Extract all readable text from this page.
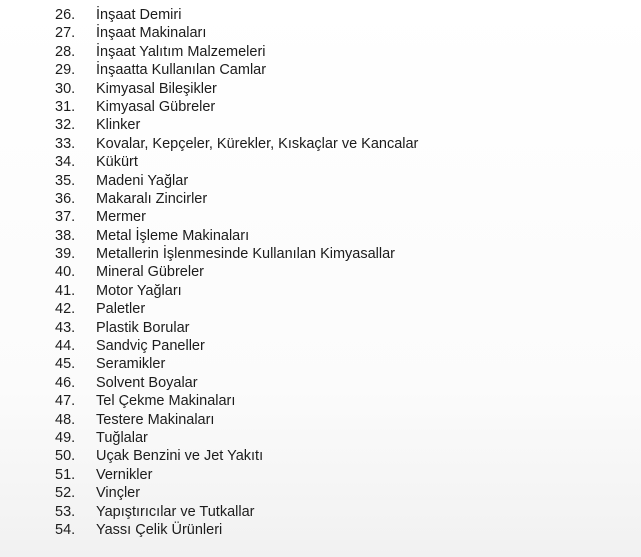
26.	İnşaat Demiri
27.	İnşaat Makinaları
28.	İnşaat Yalıtım Malzemeleri
29.	İnşaatta Kullanılan Camlar
30.	Kimyasal Bileşikler
31.	Kimyasal Gübreler
32.	Klinker
33.	Kovalar, Kepçeler, Kürekler, Kıskaçlar ve Kancalar
34.	Kükürt
35.	Madeni Yağlar
36.	Makaralı Zincirler
37.	Mermer
38.	Metal İşleme Makinaları
39.	Metallerin İşlenmesinde Kullanılan Kimyasallar
40.	Mineral Gübreler
41.	Motor Yağları
42.	Paletler
43.	Plastik Borular
44.	Sandviç Paneller
45.	Seramikler
46.	Solvent Boyalar
47.	Tel Çekme Makinaları
48.	Testere Makinaları
49.	Tuğlalar
50.	Uçak Benzini ve Jet Yakıtı
51.	Vernikler
52.	Vinçler
53.	Yapıştırıcılar ve Tutkallar
54.	Yassı Çelik Ürünleri
